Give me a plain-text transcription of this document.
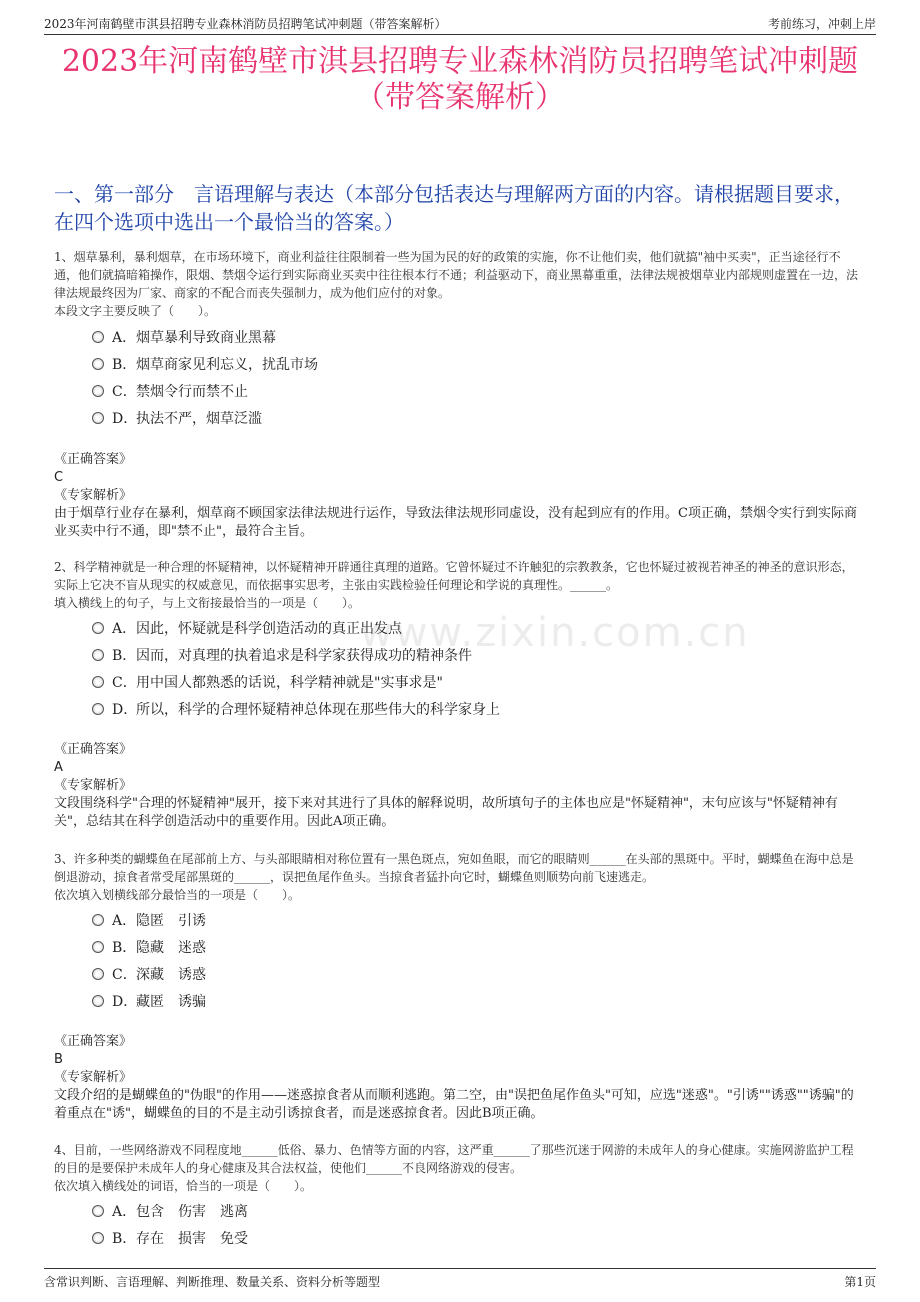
2023年河南鹤壁市淇县招聘专业森林消防员招聘笔试冲刺题（带答案解析）	考前练习，冲刺上岸
2023年河南鹤壁市淇县招聘专业森林消防员招聘笔试冲刺题
（带答案解析）
一、第一部分　言语理解与表达（本部分包括表达与理解两方面的内容。请根据题目要求，在四个选项中选出一个最恰当的答案。）
www.zixin.com.cn

1、烟草暴利，暴利烟草，在市场环境下，商业利益往往限制着一些为国为民的好的政策的实施，你不让他们卖，他们就搞"袖中买卖"，正当途径行不通，他们就搞暗箱操作，限烟、禁烟令运行到实际商业买卖中往往根本行不通；利益驱动下，商业黑幕重重，法律法规被烟草业内部规则虚置在一边，法律法规最终因为厂家、商家的不配合而丧失强制力，成为他们应付的对象。

本段文字主要反映了（　　）。

A． 烟草暴利导致商业黑幕
B． 烟草商家见利忘义，扰乱市场
C． 禁烟令行而禁不止
D．
执法不严，烟草泛滥

《正确答案》

C

《专家解析》

由于烟草行业存在暴利，烟草商不顾国家法律法规进行运作，导致法律法规形同虚设，没有起到应有的作用。C项正确，禁烟令实行到实际商业买卖中行不通，即"禁不止"，最符合主旨。

2、科学精神就是一种合理的怀疑精神，以怀疑精神开辟通往真理的道路。它曾怀疑过不许触犯的宗教教条，它也怀疑过被视若神圣的神圣的意识形态，实际上它决不盲从现实的权威意见，而依据事实思考，主张由实践检验任何理论和学说的真理性。______。

填入横线上的句子，与上文衔接最恰当的一项是（　　）。

A． 因此，怀疑就是科学创造活动的真正出发点
B． 因而，对真理的执着追求是科学家获得成功的精神条件
C． 用中国人都熟悉的话说，科学精神就是"实事求是"
D．
所以，科学的合理怀疑精神总体现在那些伟大的科学家身上

《正确答案》

A

《专家解析》

文段围绕科学"合理的怀疑精神"展开，接下来对其进行了具体的解释说明，故所填句子的主体也应是"怀疑精神"，末句应该与"怀疑精神有关"，总结其在科学创造活动中的重要作用。因此A项正确。

3、许多种类的蝴蝶鱼在尾部前上方、与头部眼睛相对称位置有一黑色斑点，宛如鱼眼，而它的眼睛则______在头部的黑斑中。平时，蝴蝶鱼在海中总是倒退游动，掠食者常受尾部黑斑的______，误把鱼尾作鱼头。当掠食者猛扑向它时，蝴蝶鱼则顺势向前飞速逃走。

依次填入划横线部分最恰当的一项是（　　）。

A． 隐匿　引诱
B． 隐藏　迷惑
C． 深藏　诱惑
D．
藏匿　诱骗

《正确答案》

B

《专家解析》

文段介绍的是蝴蝶鱼的"伪眼"的作用——迷惑掠食者从而顺利逃跑。第二空，由"误把鱼尾作鱼头"可知，应选"迷惑"。"引诱""诱惑""诱骗"的着重点在"诱"，蝴蝶鱼的目的不是主动引诱掠食者，而是迷惑掠食者。因此B项正确。

4、目前，一些网络游戏不同程度地______低俗、暴力、色情等方面的内容，这严重______了那些沉迷于网游的未成年人的身心健康。实施网游监护工程的目的是要保护未成年人的身心健康及其合法权益，使他们______不良网络游戏的侵害。

依次填入横线处的词语，恰当的一项是（　　）。

A． 包含　伤害　逃离
B． 存在　损害　免受
含常识判断、言语理解、判断推理、数量关系、资料分析等题型	第1页
